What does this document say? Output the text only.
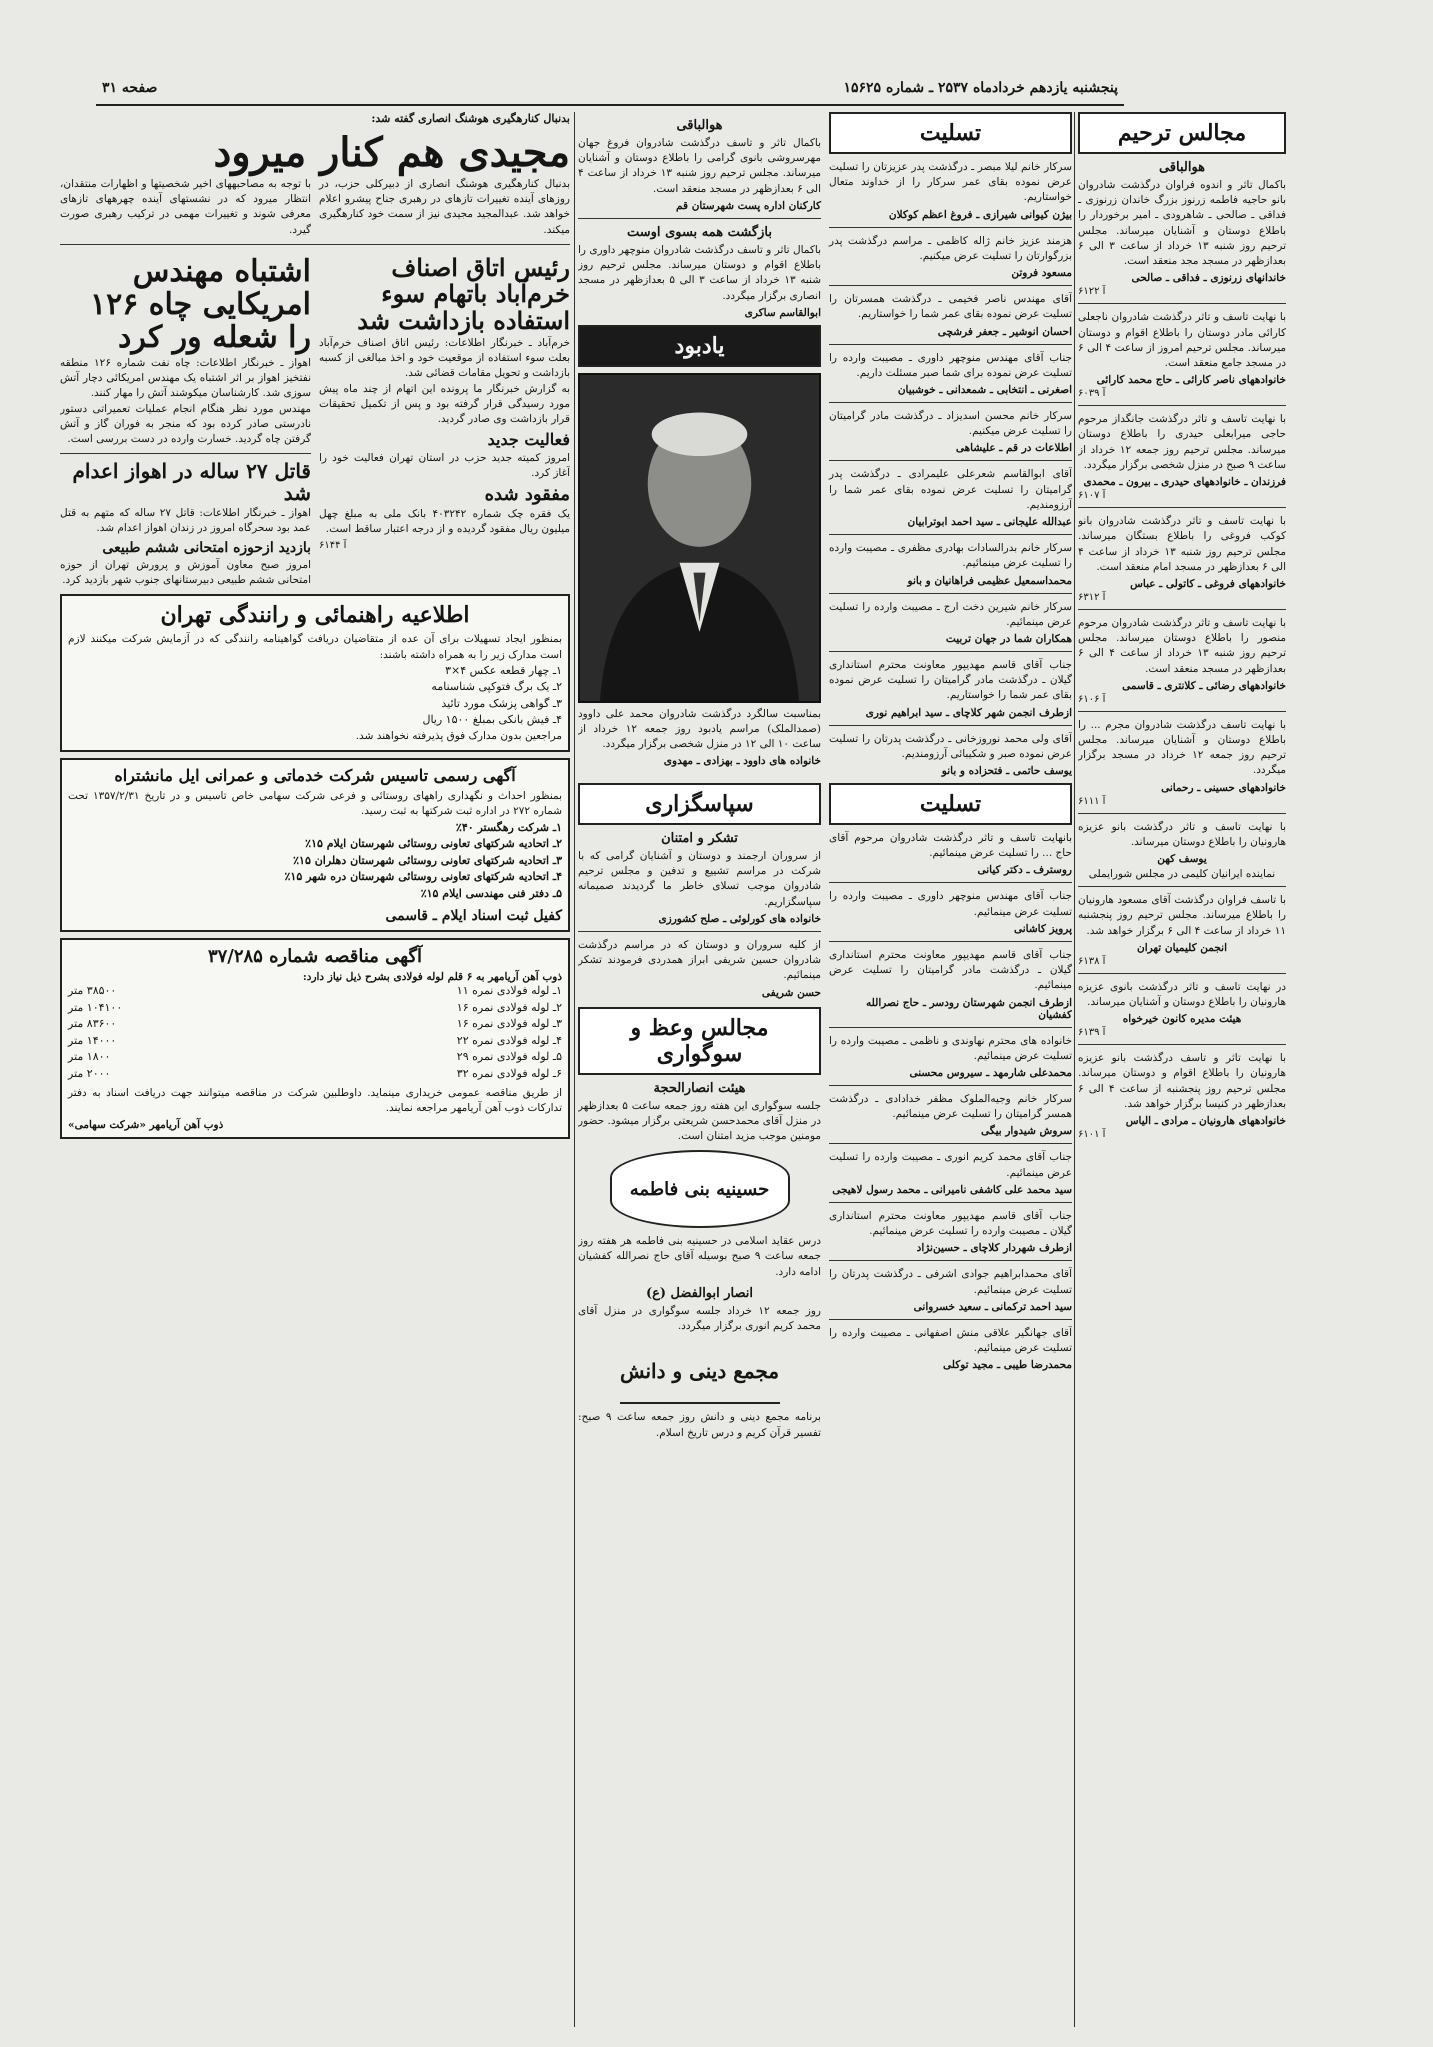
پنجشنبه یازدهم خردادماه ۲۵۳۷ ـ شماره ۱۵۶۲۵
صفحه ۳۱
مجالس ترحیم
هوالباقی

باکمال تاثر و اندوه فراوان درگذشت شادروان بانو حاجیه فاطمه زرنوز بزرگ خاندان زرنوزی ـ فداقی ـ صالحی ـ شاهرودی ـ امیر برخوردار را باطلاع دوستان و آشنایان میرساند. مجلس ترحیم روز شنبه ۱۳ خرداد از ساعت ۳ الی ۶ بعدازظهر در مسجد مجد منعقد است.

خاندانهای زرنوزی ـ فداقی ـ صالحی
۶۱۲۲ آ

با نهایت تاسف و تاثر درگذشت شادروان ناجعلی کارائی مادر دوستان را باطلاع اقوام و دوستان میرساند. مجلس ترحیم امروز از ساعت ۴ الی ۶ در مسجد جامع منعقد است.

خانوادههای ناصر کارائی ـ حاج محمد کارائی
۶۰۳۹ آ

با نهایت تاسف و تاثر درگذشت جانگداز مرحوم حاجی میرابعلی حیدری را باطلاع دوستان میرساند. مجلس ترحیم روز جمعه ۱۲ خرداد از ساعت ۹ صبح در منزل شخصی برگزار میگردد.

فرزندان ـ خانوادههای حیدری ـ بیرون ـ محمدی
۶۱۰۷ آ

با نهایت تاسف و تاثر درگذشت شادروان بانو کوکب فروغی را باطلاع بستگان میرساند. مجلس ترحیم روز شنبه ۱۳ خرداد از ساعت ۴ الی ۶ بعدازظهر در مسجد امام منعقد است.

خانوادههای فروغی ـ کاتولی ـ عباس
۶۳۱۲ آ

با نهایت تاسف و تاثر درگذشت شادروان مرحوم منصور را باطلاع دوستان میرساند. مجلس ترحیم روز شنبه ۱۳ خرداد از ساعت ۴ الی ۶ بعدازظهر در مسجد منعقد است.

خانوادههای رضائی ـ کلانتری ـ قاسمی
۶۱۰۶ آ

با نهایت تاسف درگذشت شادروان مجرم ... را باطلاع دوستان و آشنایان میرساند. مجلس ترحیم روز جمعه ۱۲ خرداد در مسجد برگزار میگردد.

خانوادههای حسینی ـ رحمانی
۶۱۱۱ آ

با نهایت تاسف و تاثر درگذشت بانو عزیزه هارونیان را باطلاع دوستان میرساند.

یوسف کهن
نماینده ایرانیان کلیمی در مجلس شورایملی

با تاسف فراوان درگذشت آقای مسعود هارونیان را باطلاع میرساند. مجلس ترحیم روز پنجشنبه ۱۱ خرداد از ساعت ۴ الی ۶ برگزار خواهد شد.

انجمن کلیمیان تهران
۶۱۳۸ آ

در نهایت تاسف و تاثر درگذشت بانوی عزیزه هارونیان را باطلاع دوستان و آشنایان میرساند.

هیئت مدیره کانون خیرخواه
۶۱۳۹ آ

با نهایت تاثر و تاسف درگذشت بانو عزیزه هارونیان را باطلاع اقوام و دوستان میرساند. مجلس ترحیم روز پنجشنبه از ساعت ۴ الی ۶ بعدازظهر در کنیسا برگزار خواهد شد.

خانوادههای هارونیان ـ مرادی ـ الیاس
۶۱۰۱ آ
تسلیت

سرکار خانم لیلا مبصر ـ درگذشت پدر عزیزتان را تسلیت عرض نموده بقای عمر سرکار را از خداوند متعال خواستاریم.

بیژن کیوانی شیرازی ـ فروغ اعظم کوکلان

هزمند عزیز خانم ژاله کاظمی ـ مراسم درگذشت پدر بزرگوارتان را تسلیت عرض میکنیم.

مسعود فروتن

آقای مهندس ناصر فخیمی ـ درگذشت همسرتان را تسلیت عرض نموده بقای عمر شما را خواستاریم.

احسان انوشیر ـ جعفر فرشچی

جناب آقای مهندس منوچهر داوری ـ مصیبت وارده را تسلیت عرض نموده برای شما صبر مسئلت داریم.

اصغرنی ـ انتخابی ـ شمعدانی ـ خوشبیان

سرکار خانم محسن اسدیزاد ـ درگذشت مادر گرامیتان را تسلیت عرض میکنیم.

اطلاعات در قم ـ علیشاهی

آقای ابوالقاسم شعرعلی علیمرادی ـ درگذشت پدر گرامیتان را تسلیت عرض نموده بقای عمر شما را آرزومندیم.

عبدالله علیجانی ـ سید احمد ابوترابیان

سرکار خانم بدرالسادات بهادری مظفری ـ مصیبت وارده را تسلیت عرض مینمائیم.

محمداسمعیل عظیمی فراهانیان و بانو

سرکار خانم شیرین دخت ارج ـ مصیبت وارده را تسلیت عرض مینمائیم.

همکاران شما در جهان تربیت

جناب آقای قاسم مهدیپور معاونت محترم استانداری گیلان ـ درگذشت مادر گرامیتان را تسلیت عرض نموده بقای عمر شما را خواستاریم.

ازطرف انجمن شهر کلاچای ـ سید ابراهیم نوری

آقای ولی محمد نوروزخانی ـ درگذشت پدرتان را تسلیت عرض نموده صبر و شکیبائی آرزومندیم.

یوسف حاتمی ـ فتحزاده و بانو
هوالباقی

باکمال تاثر و تاسف درگذشت شادروان فروغ جهان مهرسروشی بانوی گرامی را باطلاع دوستان و آشنایان میرساند. مجلس ترحیم روز شنبه ۱۳ خرداد از ساعت ۴ الی ۶ بعدازظهر در مسجد منعقد است.

کارکنان اداره پست شهرستان قم
بازگشت همه بسوی اوست

باکمال تاثر و تاسف درگذشت شادروان منوچهر داوری را باطلاع اقوام و دوستان میرساند. مجلس ترحیم روز شنبه ۱۳ خرداد از ساعت ۳ الی ۵ بعدازظهر در مسجد انصاری برگزار میگردد.

ابوالقاسم ساکری
یادبود

بمناسبت سالگرد درگذشت شادروان محمد علی داوود (صمدالملک) مراسم یادبود روز جمعه ۱۲ خرداد از ساعت ۱۰ الی ۱۲ در منزل شخصی برگزار میگردد.

خانواده های داوود ـ بهزادی ـ مهدوی
تسلیت

بانهایت تاسف و تاثر درگذشت شادروان مرحوم آقای حاج ... را تسلیت عرض مینمائیم.

روسترف ـ دکتر کیانی

جناب آقای مهندس منوچهر داوری ـ مصیبت وارده را تسلیت عرض مینمائیم.

پرویز کاشانی

جناب آقای قاسم مهدیپور معاونت محترم استانداری گیلان ـ درگذشت مادر گرامیتان را تسلیت عرض مینمائیم.

ازطرف انجمن شهرستان رودسر ـ حاج نصرالله کفشیان

خانواده های محترم نهاوندی و ناظمی ـ مصیبت وارده را تسلیت عرض مینمائیم.

محمدعلی شارمهد ـ سیروس محسنی

سرکار خانم وجیه‌الملوک مظفر خدادادی ـ درگذشت همسر گرامیتان را تسلیت عرض مینمائیم.

سروش شیدوار بیگی

جناب آقای محمد کریم انوری ـ مصیبت وارده را تسلیت عرض مینمائیم.

سید محمد علی کاشفی نامیرانی ـ محمد رسول لاهیجی

جناب آقای قاسم مهدیپور معاونت محترم استانداری گیلان ـ مصیبت وارده را تسلیت عرض مینمائیم.

ازطرف شهردار کلاچای ـ حسین‌نژاد

آقای محمدابراهیم جوادی اشرفی ـ درگذشت پدرتان را تسلیت عرض مینمائیم.

سید احمد ترکمانی ـ سعید خسروانی

آقای جهانگیر علاقی منش اصفهانی ـ مصیبت وارده را تسلیت عرض مینمائیم.

محمدرضا طیبی ـ مجید توکلی
سپاسگزاری
تشکر و امتنان

از سروران ارجمند و دوستان و آشنایان گرامی که با شرکت در مراسم تشییع و تدفین و مجلس ترحیم شادروان موجب تسلای خاطر ما گردیدند صمیمانه سپاسگزاریم.

خانواده های کورلوئی ـ صلح کشورزی

از کلیه سروران و دوستان که در مراسم درگذشت شادروان حسین شریفی ابراز همدردی فرمودند تشکر مینمائیم.

حسن شریفی
مجالس وعظ و سوگواری
هیئت انصارالحجة

جلسه سوگواری این هفته روز جمعه ساعت ۵ بعدازظهر در منزل آقای محمدحسن شریعتی برگزار میشود. حضور مومنین موجب مزید امتنان است.

حسینیه بنی فاطمه

درس عقاید اسلامی در حسینیه بنی فاطمه هر هفته روز جمعه ساعت ۹ صبح بوسیله آقای حاج نصرالله کفشیان ادامه دارد.

انصار ابوالفضل (ع)

روز جمعه ۱۲ خرداد جلسه سوگواری در منزل آقای محمد کریم انوری برگزار میگردد.

مجمع دینی و دانش

برنامه مجمع دینی و دانش روز جمعه ساعت ۹ صبح: تفسیر قرآن کریم و درس تاریخ اسلام.

بدنبال کنارهگیری هوشنگ انصاری گفته شد:
مجیدی هم
کنار میرود

بدنبال کنارهگیری هوشنگ انصاری از دبیرکلی حزب، در روزهای آینده تغییرات تازهای در رهبری جناح پیشرو اعلام خواهد شد. عبدالمجید مجیدی نیز از سمت خود کنارهگیری میکند.

با توجه به مصاحبههای اخیر شخصیتها و اظهارات منتقدان، انتظار میرود که در نشستهای آینده چهرههای تازهای معرفی شوند و تغییرات مهمی در ترکیب رهبری صورت گیرد.

رئیس اتاق اصناف خرم‌آباد باتهام سوء استفاده بازداشت شد

خرم‌آباد ـ خبرنگار اطلاعات: رئیس اتاق اصناف خرم‌آباد بعلت سوء استفاده از موقعیت خود و اخذ مبالغی از کسبه بازداشت و تحویل مقامات قضائی شد.

به گزارش خبرنگار ما پرونده این اتهام از چند ماه پیش مورد رسیدگی قرار گرفته بود و پس از تکمیل تحقیقات قرار بازداشت وی صادر گردید.

فعالیت جدید

امروز کمیته جدید حزب در استان تهران فعالیت خود را آغاز کرد.

مفقود شده

یک فقره چک شماره ۴۰۳۲۴۲ بانک ملی به مبلغ چهل میلیون ریال مفقود گردیده و از درجه اعتبار ساقط است.

۶۱۴۴ آ
اشتباه مهندس امریکایی چاه ۱۲۶ را شعله ور کرد

اهواز ـ خبرنگار اطلاعات: چاه نفت شماره ۱۲۶ منطقه نفتخیز اهواز بر اثر اشتباه یک مهندس امریکائی دچار آتش سوزی شد. کارشناسان میکوشند آتش را مهار کنند.

مهندس مورد نظر هنگام انجام عملیات تعمیراتی دستور نادرستی صادر کرده بود که منجر به فوران گاز و آتش گرفتن چاه گردید. خسارت وارده در دست بررسی است.

قاتل ۲۷ ساله در اهواز اعدام شد

اهواز ـ خبرنگار اطلاعات: قاتل ۲۷ ساله که متهم به قتل عمد بود سحرگاه امروز در زندان اهواز اعدام شد.

بازدید ازحوزه امتحانی ششم طبیعی

امروز صبح معاون آموزش و پرورش تهران از حوزه امتحانی ششم طبیعی دبیرستانهای جنوب شهر بازدید کرد.

اطلاعیه راهنمائی و رانندگی تهران

بمنظور ایجاد تسهیلات برای آن عده از متقاضیان دریافت گواهینامه رانندگی که در آزمایش شرکت میکنند لازم است مدارک زیر را به همراه داشته باشند:

۱ـ چهار قطعه عکس ۴×۳
۲ـ یک برگ فتوکپی شناسنامه
۳ـ گواهی پزشک مورد تائید
۴ـ فیش بانکی بمبلغ ۱۵۰۰ ریال

مراجعین بدون مدارک فوق پذیرفته نخواهند شد.

آگهی رسمی تاسیس شرکت خدماتی و عمرانی ایل مانشتراه

بمنظور احداث و نگهداری راههای روستائی و فرعی شرکت سهامی خاص تاسیس و در تاریخ ۱۳۵۷/۲/۳۱ تحت شماره ۲۷۲ در اداره ثبت شرکتها به ثبت رسید.

۱ـ شرکت رهگستر ۴۰٪
۲ـ اتحادیه شرکتهای تعاونی روستائی شهرستان ایلام ۱۵٪
۳ـ اتحادیه شرکتهای تعاونی روستائی شهرستان دهلران ۱۵٪
۴ـ اتحادیه شرکتهای تعاونی روستائی شهرستان دره شهر ۱۵٪
۵ـ دفتر فنی مهندسی ایلام ۱۵٪
کفیل ثبت اسناد ایلام ـ قاسمی
آگهی مناقصه شماره ۳۷/۲۸۵
ذوب آهن آریامهر به ۶ قلم لوله فولادی بشرح ذیل نیاز دارد:
۱ـ لوله فولادی نمره ۱۱
۳۸۵۰۰ متر
۲ـ لوله فولادی نمره ۱۶
۱۰۴۱۰۰ متر
۳ـ لوله فولادی نمره ۱۶
۸۳۶۰۰ متر
۴ـ لوله فولادی نمره ۲۲
۱۴۰۰۰ متر
۵ـ لوله فولادی نمره ۲۹
۱۸۰۰ متر
۶ـ لوله فولادی نمره ۳۲
۲۰۰۰ متر

از طریق مناقصه عمومی خریداری مینماید. داوطلبین شرکت در مناقصه میتوانند جهت دریافت اسناد به دفتر تدارکات ذوب آهن آریامهر مراجعه نمایند.

ذوب آهن آریامهر «شرکت سهامی»
